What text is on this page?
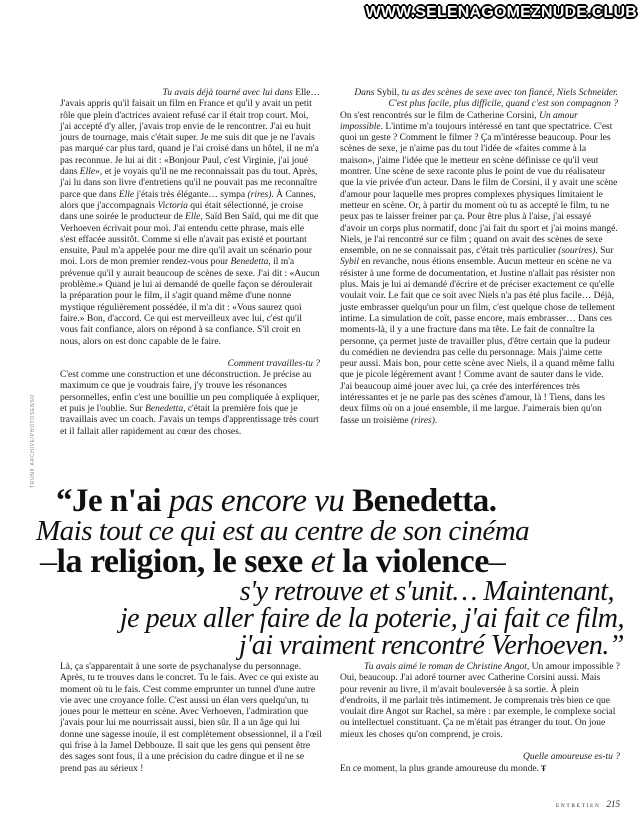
WWW.SELENAGOMEZNUDE.CLUB
TRUNK ARCHIVE/PHOTOSENSO

Tu avais déjà tourné avec lui dans Elle…

J'avais appris qu'il faisait un film en France et qu'il y avait un petit rôle que plein d'actrices avaient refusé car il était trop court. Moi, j'ai accepté d'y aller, j'avais trop envie de le rencontrer. J'ai eu huit jours de tournage, mais c'était super. Je me suis dit que je ne l'avais pas marqué car plus tard, quand je l'ai croisé dans un hôtel, il ne m'a pas reconnue. Je lui ai dit : «Bonjour Paul, c'est Virginie, j'ai joué dans Elle», et je voyais qu'il ne me reconnaissait pas du tout. Après, j'ai lu dans son livre d'entretiens qu'il ne pouvait pas me reconnaître parce que dans Elle j'étais très élégante… sympa (rires). À Cannes, alors que j'accompagnais Victoria qui était sélectionné, je croise dans une soirée le producteur de Elle, Saïd Ben Saïd, qui me dit que Verhoeven écrivait pour moi. J'ai entendu cette phrase, mais elle s'est effacée aussitôt. Comme si elle n'avait pas existé et pourtant ensuite, Paul m'a appelée pour me dire qu'il avait un scénario pour moi. Lors de mon premier rendez-vous pour Benedetta, il m'a prévenue qu'il y aurait beaucoup de scènes de sexe. J'ai dit : «Aucun problème.» Quand je lui ai demandé de quelle façon se déroulerait la préparation pour le film, il s'agit quand même d'une nonne mystique régulièrement possédée, il m'a dit : «Vous saurez quoi faire.» Bon, d'accord. Ce qui est merveilleux avec lui, c'est qu'il vous fait confiance, alors on répond à sa confiance. S'il croit en nous, alors on est donc capable de le faire.

Comment travailles-tu ?

C'est comme une construction et une déconstruction. Je précise au maximum ce que je voudrais faire, j'y trouve les résonances personnelles, enfin c'est une bouillie un peu compliquée à expliquer, et puis je l'oublie. Sur Benedetta, c'était la première fois que je travaillais avec un coach. J'avais un temps d'apprentissage très court et il fallait aller rapidement au cœur des choses.

Dans Sybil, tu as des scènes de sexe avec ton fiancé, Niels Schneider. C'est plus facile, plus difficile, quand c'est son compagnon ?

On s'est rencontrés sur le film de Catherine Corsini, Un amour impossible. L'intime m'a toujours intéressé en tant que spectatrice. C'est quoi un geste ? Comment le filmer ? Ça m'intéresse beaucoup. Pour les scènes de sexe, je n'aime pas du tout l'idée de «faites comme à la maison», j'aime l'idée que le metteur en scène définisse ce qu'il veut montrer. Une scène de sexe raconte plus le point de vue du réalisateur que la vie privée d'un acteur. Dans le film de Corsini, il y avait une scène d'amour pour laquelle mes propres complexes physiques limitaient le metteur en scène. Or, à partir du moment où tu as accepté le film, tu ne peux pas te laisser freiner par ça. Pour être plus à l'aise, j'ai essayé d'avoir un corps plus normatif, donc j'ai fait du sport et j'ai moins mangé. Niels, je l'ai rencontré sur ce film ; quand on avait des scènes de sexe ensemble, on ne se connaissait pas, c'était très particulier (sourires). Sur Sybil en revanche, nous étions ensemble. Aucun metteur en scène ne va résister à une forme de documentation, et Justine n'allait pas résister non plus. Mais je lui ai demandé d'écrire et de préciser exactement ce qu'elle voulait voir. Le fait que ce soit avec Niels n'a pas été plus facile… Déjà, juste embrasser quelqu'un pour un film, c'est quelque chose de tellement intime. La simulation de coït, passe encore, mais embrasser… Dans ces moments-là, il y a une fracture dans ma tête. Le fait de connaître la personne, ça permet juste de travailler plus, d'être certain que la pudeur du comédien ne deviendra pas celle du personnage. Mais j'aime cette peur aussi. Mais bon, pour cette scène avec Niels, il a quand même fallu que je picole légèrement avant ! Comme avant de sauter dans le vide. J'ai beaucoup aimé jouer avec lui, ça crée des interférences très intéressantes et je ne parle pas des scènes d'amour, là ! Tiens, dans les deux films où on a joué ensemble, il me largue. J'aimerais bien qu'on fasse un troisième (rires).

“Je n'ai pas encore vu Benedetta.
Mais tout ce qui est au centre de son cinéma
–la religion, le sexe et la violence–
s'y retrouve et s'unit… Maintenant,
je peux aller faire de la poterie, j'ai fait ce film,
j'ai vraiment rencontré Verhoeven.”

Là, ça s'apparentait à une sorte de psychanalyse du personnage. Après, tu te trouves dans le concret. Tu le fais. Avec ce qui existe au moment où tu le fais. C'est comme emprunter un tunnel d'une autre vie avec une croyance folle. C'est aussi un élan vers quelqu'un, tu joues pour le metteur en scène. Avec Verhoeven, l'admiration que j'avais pour lui me nourrissait aussi, bien sûr. Il a un âge qui lui donne une sagesse inouïe, il est complètement obsessionnel, il a l'œil qui frise à la Jamel Debbouze. Il sait que les gens qui pensent être des sages sont fous, il a une précision du cadre dingue et il ne se prend pas au sérieux !

Tu avais aimé le roman de Christine Angot, Un amour impossible ?

Oui, beaucoup. J'ai adoré tourner avec Catherine Corsini aussi. Mais pour revenir au livre, il m'avait bouleversée à sa sortie. À plein d'endroits, il me parlait très intimement. Je comprenais très bien ce que voulait dire Angot sur Rachel, sa mère : par exemple, le complexe social ou intellectuel constituant. Ça ne m'était pas étranger du tout. On joue mieux les choses qu'on comprend, je crois.

Quelle amoureuse es-tu ?

En ce moment, la plus grande amoureuse du monde. Ŧ

ENTRETIEN 215
